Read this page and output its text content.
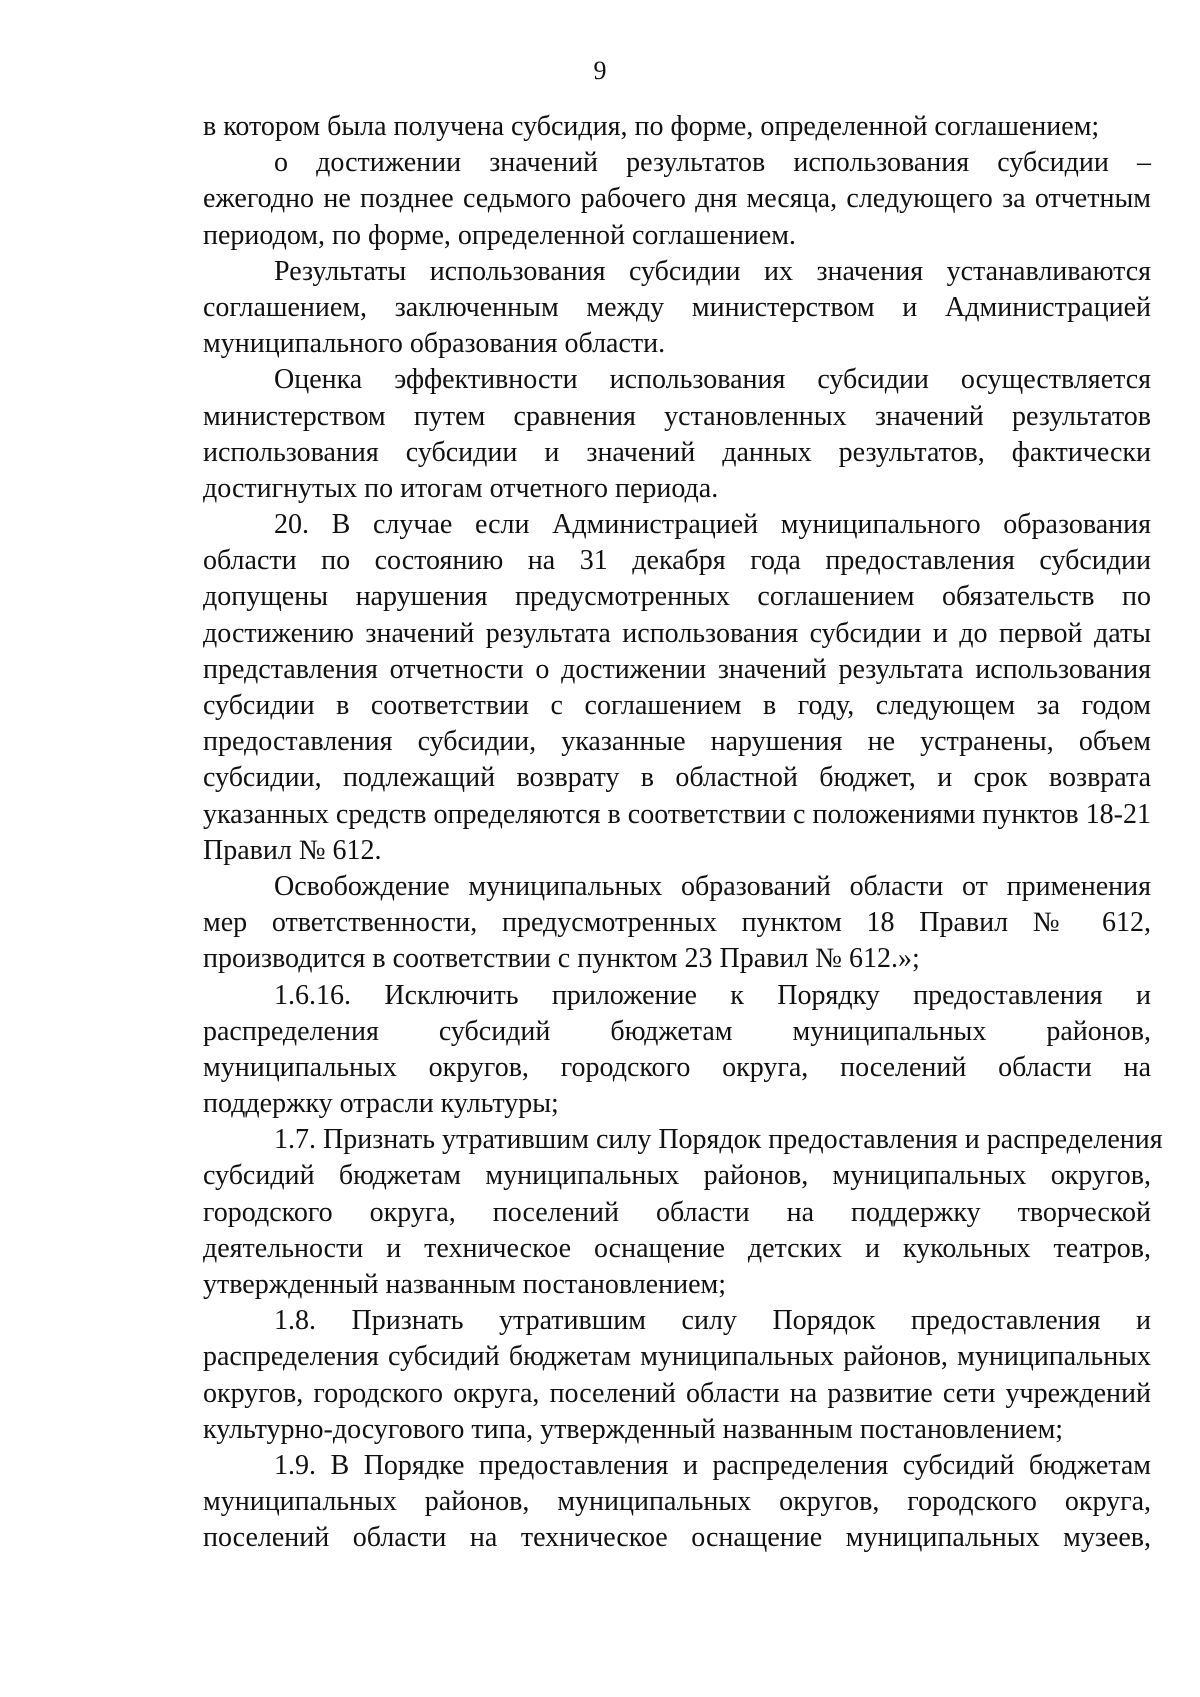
9
в котором была получена субсидия, по форме, определенной соглашением;
о достижении значений результатов использования субсидии –
ежегодно не позднее седьмого рабочего дня месяца, следующего за отчетным
периодом, по форме, определенной соглашением.
Результаты использования субсидии их значения устанавливаются
соглашением, заключенным между министерством и Администрацией
муниципального образования области.
Оценка эффективности использования субсидии осуществляется
министерством путем сравнения установленных значений результатов
использования субсидии и значений данных результатов, фактически
достигнутых по итогам отчетного периода.
20. В случае если Администрацией муниципального образования
области по состоянию на 31 декабря года предоставления субсидии
допущены нарушения предусмотренных соглашением обязательств по
достижению значений результата использования субсидии и до первой даты
представления отчетности о достижении значений результата использования
субсидии в соответствии с соглашением в году, следующем за годом
предоставления субсидии, указанные нарушения не устранены, объем
субсидии, подлежащий возврату в областной бюджет, и срок возврата
указанных средств определяются в соответствии с положениями пунктов 18-21
Правил № 612.
Освобождение муниципальных образований области от применения
мер ответственности, предусмотренных пунктом 18 Правил № 612,
производится в соответствии с пунктом 23 Правил № 612.»;
1.6.16. Исключить приложение к Порядку предоставления и
распределения субсидий бюджетам муниципальных районов,
муниципальных округов, городского округа, поселений области на
поддержку отрасли культуры;
1.7. Признать утратившим силу Порядок предоставления и распределения
субсидий бюджетам муниципальных районов, муниципальных округов,
городского округа, поселений области на поддержку творческой
деятельности и техническое оснащение детских и кукольных театров,
утвержденный названным постановлением;
1.8. Признать утратившим силу Порядок предоставления и
распределения субсидий бюджетам муниципальных районов, муниципальных
округов, городского округа, поселений области на развитие сети учреждений
культурно-досугового типа, утвержденный названным постановлением;
1.9. В Порядке предоставления и распределения субсидий бюджетам
муниципальных районов, муниципальных округов, городского округа,
поселений области на техническое оснащение муниципальных музеев,
